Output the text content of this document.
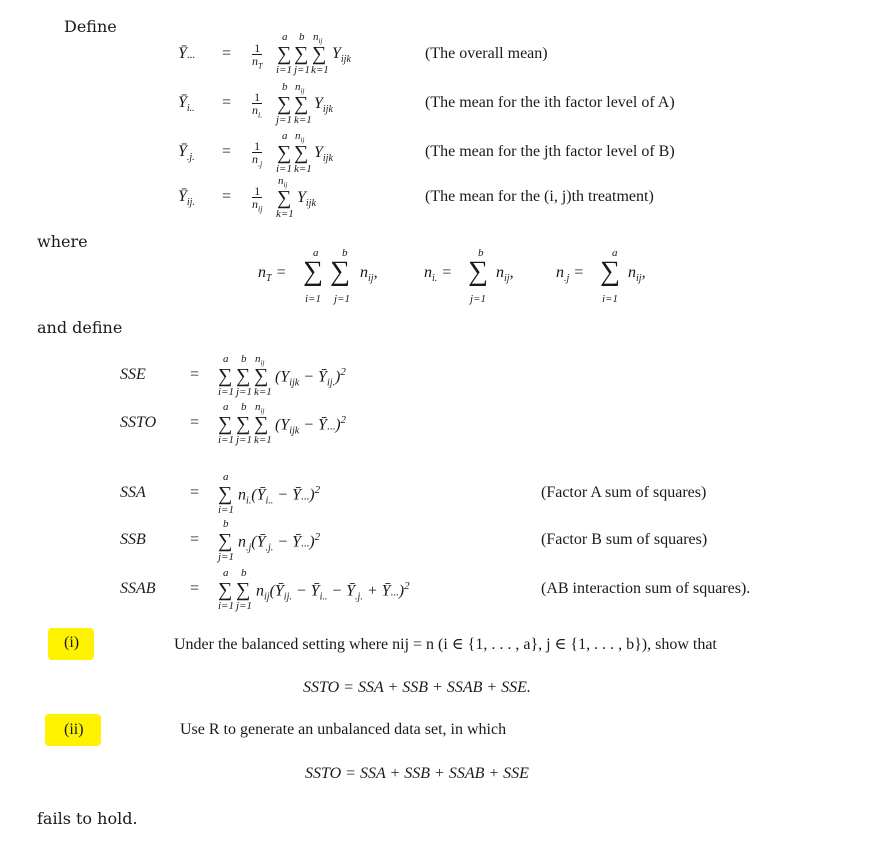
Define
Ȳ... = 1
$n_T$
∑ ∑ ∑
a b $n_{ij}$
i=1 j=1 k=1
$Y_{ijk}$	(The overall mean)
$Ȳ_{i..} = 1$
$n_{i.}$ ∑ ∑
b $n_{ij}$
j=1 k=1
$Y_{ijk}$	(The mean for the ith factor level of A)
$Ȳ_{.j.} = 1$
$n_{.j}$ ∑ ∑
a $n_{ij}$
i=1 k=1
$Y_{ijk}$	(The mean for the jth factor level of B)
$Ȳ_{ij.} = 1$
$n_{ij}$ ∑
$n_{ij}$
k=1
$Y_{ijk}$	(The mean for the (i, j)th treatment)
where
$n_T$ = ∑ ∑
a b
i=1 j=1
$n_{ij}$,	$n_{i.}$ = ∑
b
j=1
$n_{ij}$,	$n_{.j}$ = ∑
a
i=1
$n_{ij}$,
and define
SSE	= ∑ ∑ ∑
a b $n_{ij}$
i=1 j=1 k=1
($Y_{ijk}$ − $Ȳ_{ij.})^2$
SSTO = ∑ ∑ ∑
a b $n_{ij}$
i=1 j=1 k=1
($Y_{ijk}$ − Ȳ...)$^2$
SSA	= ∑
a
i=1
$n_{i.}(Ȳ_{i..}$ − Ȳ...)$^2$	(Factor A sum of squares)
SSB	= ∑
b
j=1
$n_{.j}(Ȳ_{.j.}$ − Ȳ...)$^2$	(Factor B sum of squares)
SSAB = ∑ ∑
a b
i=1 j=1
$n_{ij}(Ȳ_{ij.}$ − $Ȳ_{i..}$ − $Ȳ_{.j.}$ + Ȳ...)$^2$	(AB interaction sum of squares).
(i)	Under the balanced setting where nij = n (i ∈ {1, . . . , a}, j ∈ {1, . . . , b}), show that
SSTO = SSA + SSB + SSAB + SSE.
(ii)	Use R to generate an unbalanced data set, in which
SSTO = SSA + SSB + SSAB + SSE
fails to hold.
